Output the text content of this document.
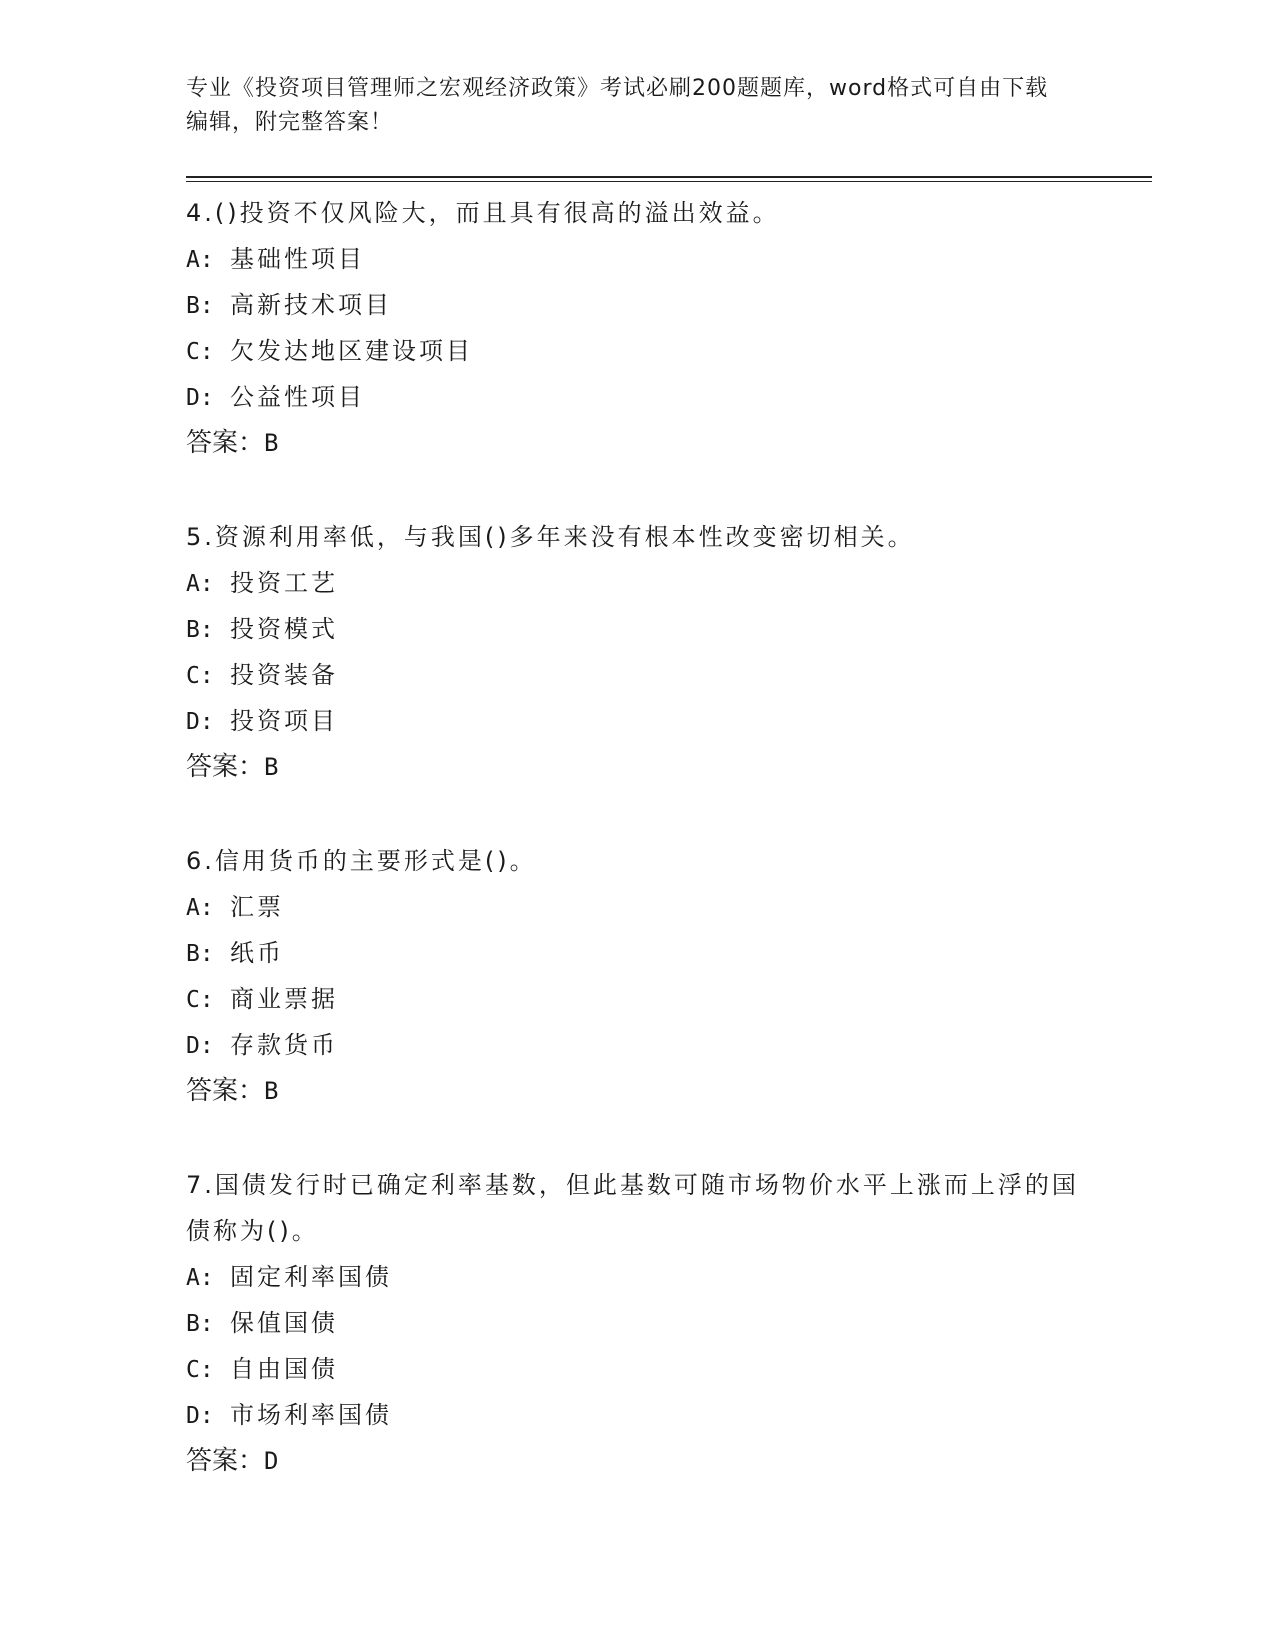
专业《投资项目管理师之宏观经济政策》考试必刷200题题库，word格式可自由下载编辑，附完整答案！

4.()投资不仅风险大，而且具有很高的溢出效益。

A: 基础性项目
B: 高新技术项目
C: 欠发达地区建设项目
D: 公益性项目
答案：B

5.资源利用率低，与我国()多年来没有根本性改变密切相关。

A: 投资工艺
B: 投资模式
C: 投资装备
D: 投资项目
答案：B

6.信用货币的主要形式是()。

A: 汇票
B: 纸币
C: 商业票据
D: 存款货币
答案：B

7.国债发行时已确定利率基数，但此基数可随市场物价水平上涨而上浮的国债称为()。

A: 固定利率国债
B: 保值国债
C: 自由国债
D: 市场利率国债
答案：D
